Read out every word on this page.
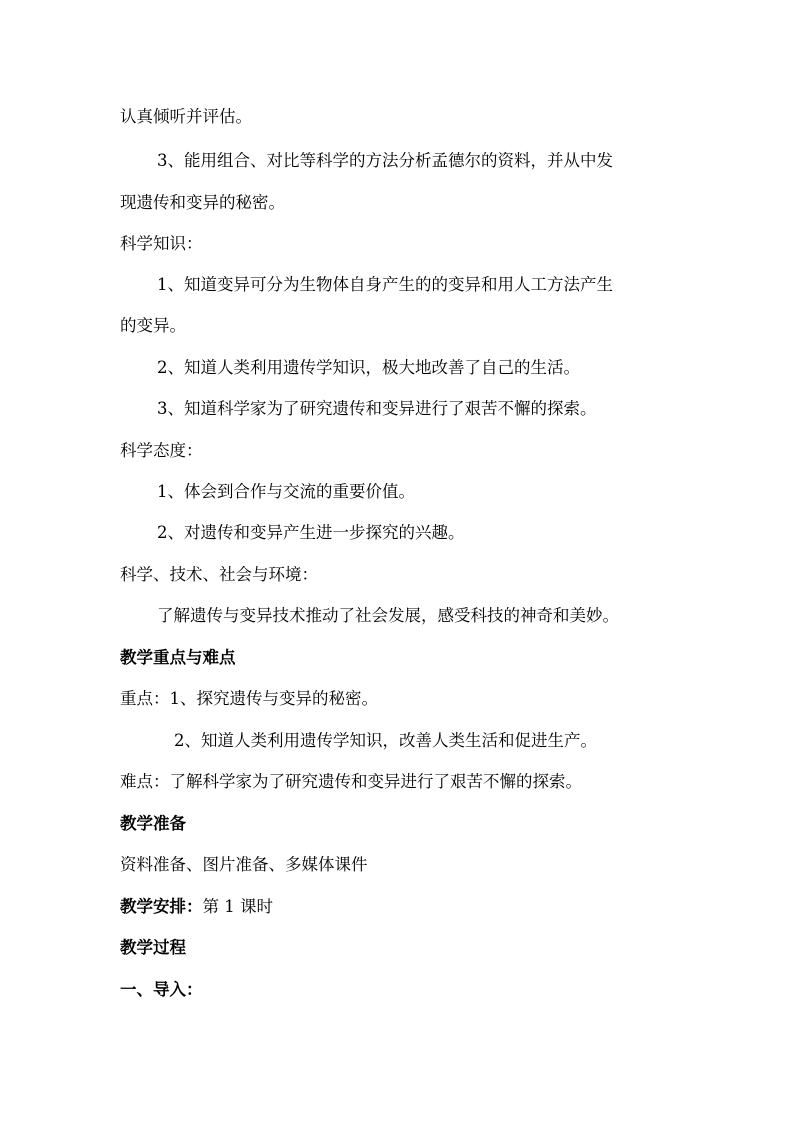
认真倾听并评估。
3、能用组合、对比等科学的方法分析孟德尔的资料，并从中发
现遗传和变异的秘密。
科学知识：
1、知道变异可分为生物体自身产生的的变异和用人工方法产生
的变异。
2、知道人类利用遗传学知识，极大地改善了自己的生活。
3、知道科学家为了研究遗传和变异进行了艰苦不懈的探索。
科学态度：
1、体会到合作与交流的重要价值。
2、对遗传和变异产生进一步探究的兴趣。
科学、技术、社会与环境：
了解遗传与变异技术推动了社会发展，感受科技的神奇和美妙。
教学重点与难点
重点：1、探究遗传与变异的秘密。
2、知道人类利用遗传学知识，改善人类生活和促进生产。
难点：了解科学家为了研究遗传和变异进行了艰苦不懈的探索。
教学准备
资料准备、图片准备、多媒体课件
教学安排：第 1 课时
教学过程
一、导入：
